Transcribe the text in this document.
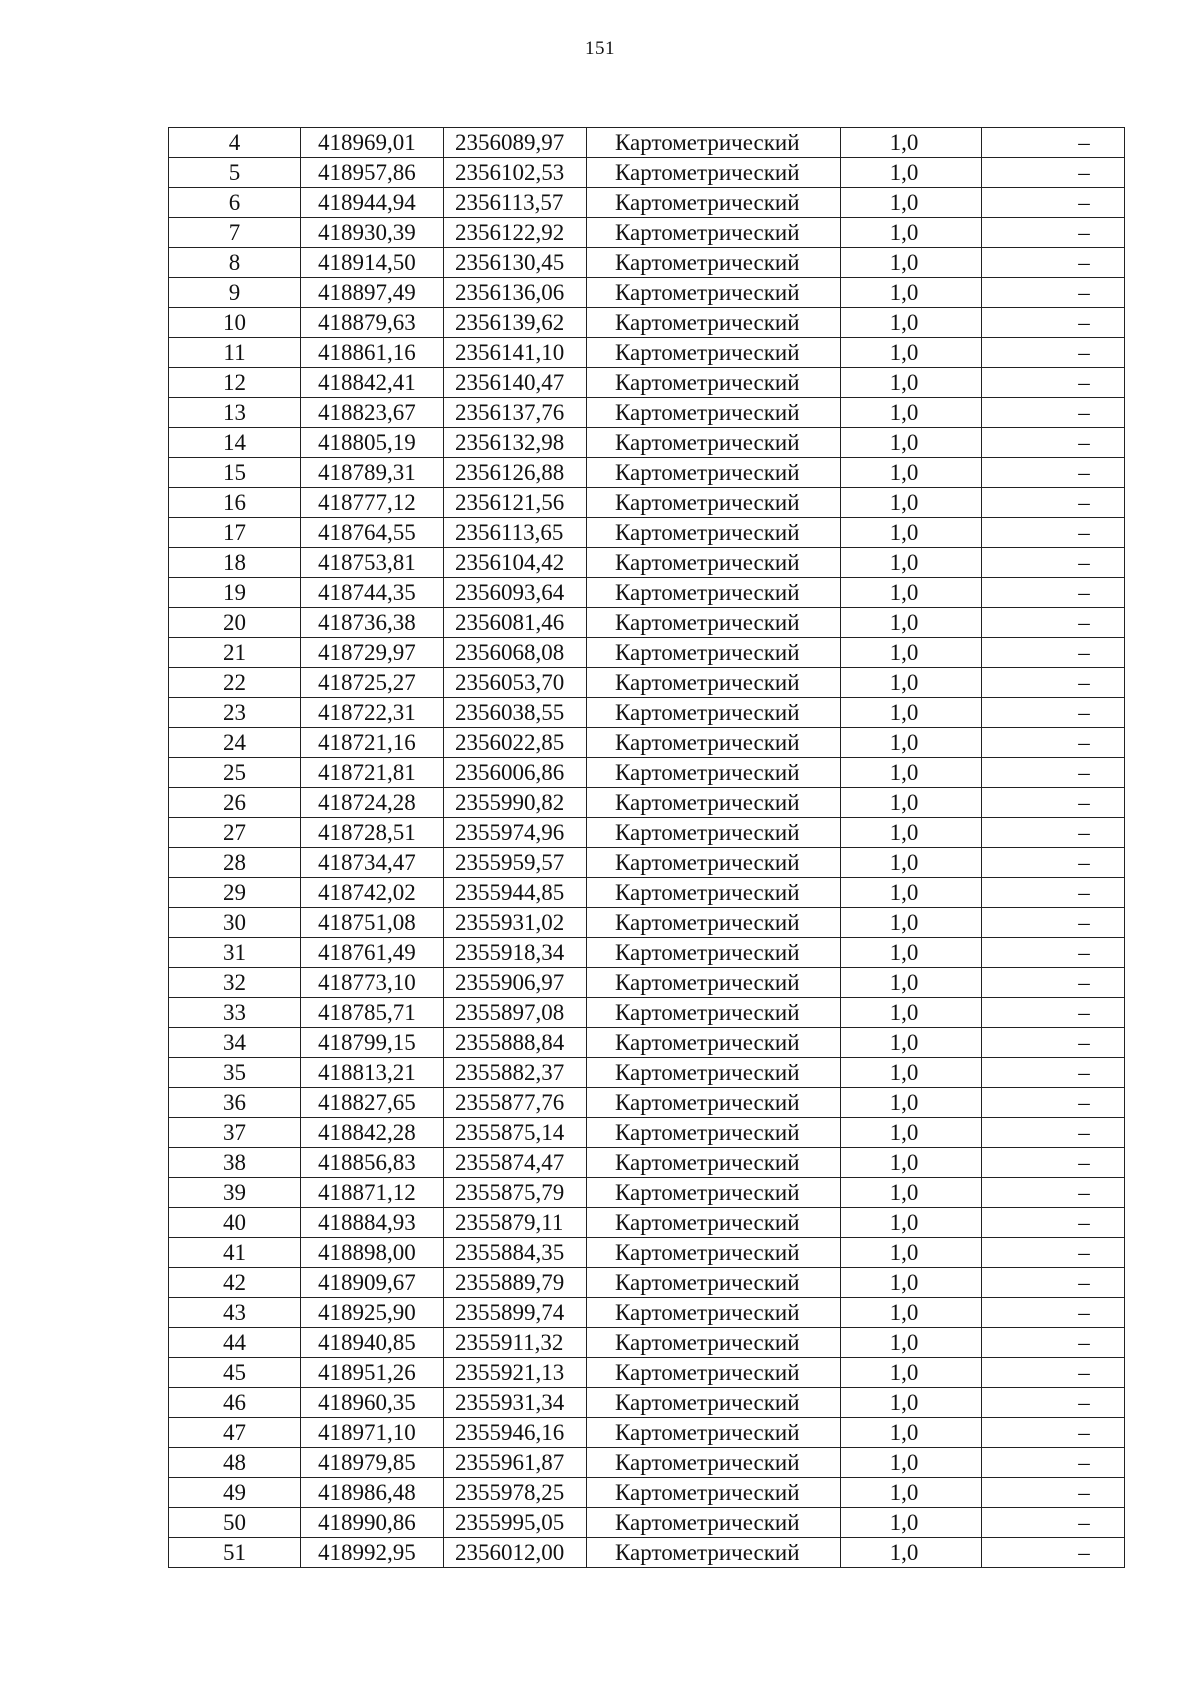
151
4	418969,01	2356089,97	Картометрический	1,0	–
5	418957,86	2356102,53	Картометрический	1,0	–
6	418944,94	2356113,57	Картометрический	1,0	–
7	418930,39	2356122,92	Картометрический	1,0	–
8	418914,50	2356130,45	Картометрический	1,0	–
9	418897,49	2356136,06	Картометрический	1,0	–
10	418879,63	2356139,62	Картометрический	1,0	–
11	418861,16	2356141,10	Картометрический	1,0	–
12	418842,41	2356140,47	Картометрический	1,0	–
13	418823,67	2356137,76	Картометрический	1,0	–
14	418805,19	2356132,98	Картометрический	1,0	–
15	418789,31	2356126,88	Картометрический	1,0	–
16	418777,12	2356121,56	Картометрический	1,0	–
17	418764,55	2356113,65	Картометрический	1,0	–
18	418753,81	2356104,42	Картометрический	1,0	–
19	418744,35	2356093,64	Картометрический	1,0	–
20	418736,38	2356081,46	Картометрический	1,0	–
21	418729,97	2356068,08	Картометрический	1,0	–
22	418725,27	2356053,70	Картометрический	1,0	–
23	418722,31	2356038,55	Картометрический	1,0	–
24	418721,16	2356022,85	Картометрический	1,0	–
25	418721,81	2356006,86	Картометрический	1,0	–
26	418724,28	2355990,82	Картометрический	1,0	–
27	418728,51	2355974,96	Картометрический	1,0	–
28	418734,47	2355959,57	Картометрический	1,0	–
29	418742,02	2355944,85	Картометрический	1,0	–
30	418751,08	2355931,02	Картометрический	1,0	–
31	418761,49	2355918,34	Картометрический	1,0	–
32	418773,10	2355906,97	Картометрический	1,0	–
33	418785,71	2355897,08	Картометрический	1,0	–
34	418799,15	2355888,84	Картометрический	1,0	–
35	418813,21	2355882,37	Картометрический	1,0	–
36	418827,65	2355877,76	Картометрический	1,0	–
37	418842,28	2355875,14	Картометрический	1,0	–
38	418856,83	2355874,47	Картометрический	1,0	–
39	418871,12	2355875,79	Картометрический	1,0	–
40	418884,93	2355879,11	Картометрический	1,0	–
41	418898,00	2355884,35	Картометрический	1,0	–
42	418909,67	2355889,79	Картометрический	1,0	–
43	418925,90	2355899,74	Картометрический	1,0	–
44	418940,85	2355911,32	Картометрический	1,0	–
45	418951,26	2355921,13	Картометрический	1,0	–
46	418960,35	2355931,34	Картометрический	1,0	–
47	418971,10	2355946,16	Картометрический	1,0	–
48	418979,85	2355961,87	Картометрический	1,0	–
49	418986,48	2355978,25	Картометрический	1,0	–
50	418990,86	2355995,05	Картометрический	1,0	–
51	418992,95	2356012,00	Картометрический	1,0	–
